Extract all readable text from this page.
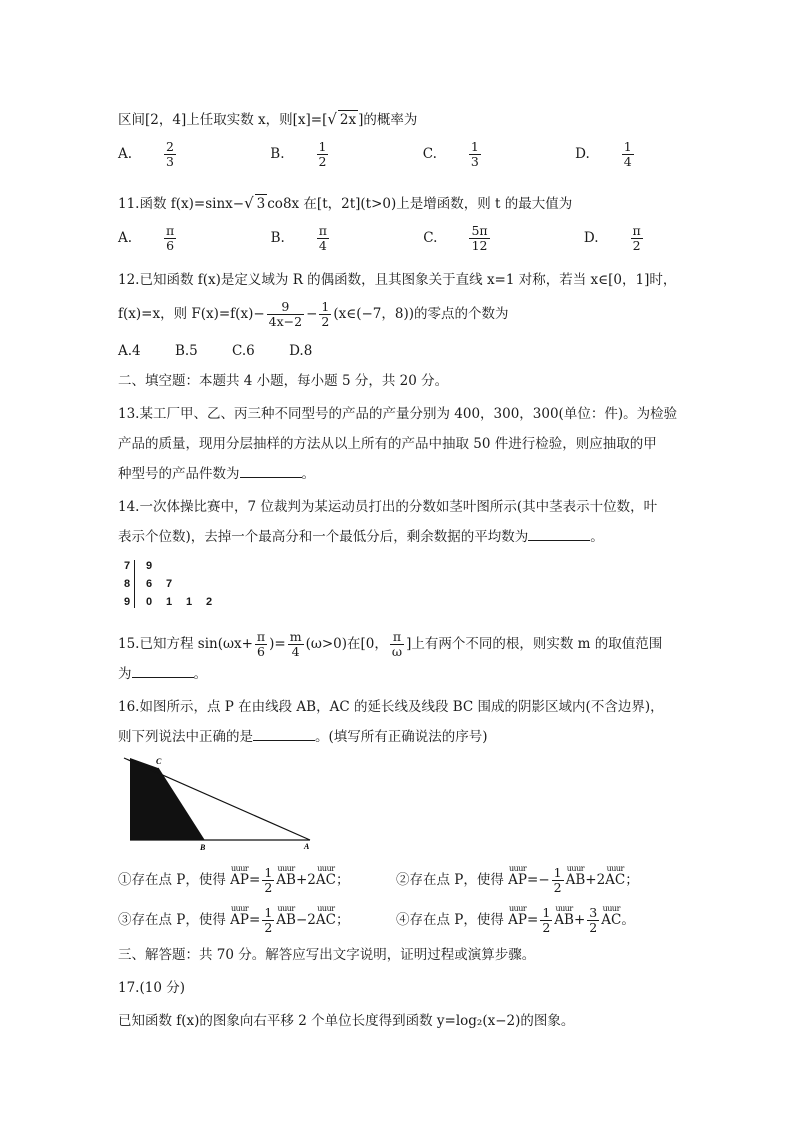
区间[2，4]上任取实数 x，则[x]=[√ 2x ]的概率为
A.	$\frac{2}{3}$	B.	$\frac{1}{2}$	C.	$\frac{1}{3}$	D.	$\frac{1}{4}$
11.函数 f(x)=sinx−√ 3 co8x 在[t，2t](t>0)上是增函数，则 t 的最大值为
A.	$\frac{\pi}{6}$	B.	$\frac{\pi}{4}$	C.	$\frac{5\pi}{12}$	D.	$\frac{\pi}{2}$
12.已知函数 f(x)是定义域为 R 的偶函数，且其图象关于直线 x=1 对称，若当 x∈[0，1]时，
f(x)=x，则 $F(x)=f(x)- \frac{9}{4x-2} - \frac{1}{2}$ (x∈(−7，8))的零点的个数为
A.4	B.5	C.6	D.8
二、填空题：本题共 4 小题，每小题 5 分，共 20 分。
13.某工厂甲、乙、丙三种不同型号的产品的产量分别为 400，300，300(单位：件)。为检验
产品的质量，现用分层抽样的方法从以上所有的产品中抽取 50 件进行检验，则应抽取的甲
种型号的产品件数为	。
14.一次体操比赛中，7 位裁判为某运动员打出的分数如茎叶图所示(其中茎表示十位数，叶
表示个位数)，去掉一个最高分和一个最低分后，剩余数据的平均数为	。
7 9
8 6 7
9 0 1 1 2
15.已知方程 $\sin(\omega x+ \frac{\pi}{6}$ )= $\frac{m}{4} (\omega>0)$在[0， $\frac{\pi}{\omega}$ ]上有两个不同的根，则实数 m 的取值范围
为	。
16.如图所示，点 P 在由线段 AB，AC 的延长线及线段 BC 围成的阴影区域内(不含边界)，
则下列说法中正确的是	。(填写所有正确说法的序号)
C
B	A
①存在点 P，使得
uuur
$AP= \frac{1}{2}$ uuur
AB+2
uuur
AC；	②存在点 P，使得
uuur
$AP=- \frac{1}{2}$ uuur
AB+2
uuur
AC；
③存在点 P，使得
uuur
$AP= \frac{1}{2}$ uuur
AB−2
uuur
AC；	④存在点 P，使得
uuur
$AP= \frac{1}{2}$ uuur
$AB+ \frac{3}{2}$ uuur
AC。
三、解答题：共 70 分。解答应写出文字说明，证明过程或演算步骤。
17.(10 分)
已知函数 f(x)的图象向右平移 2 个单位长度得到函数 y=log₂(x−2)的图象。
